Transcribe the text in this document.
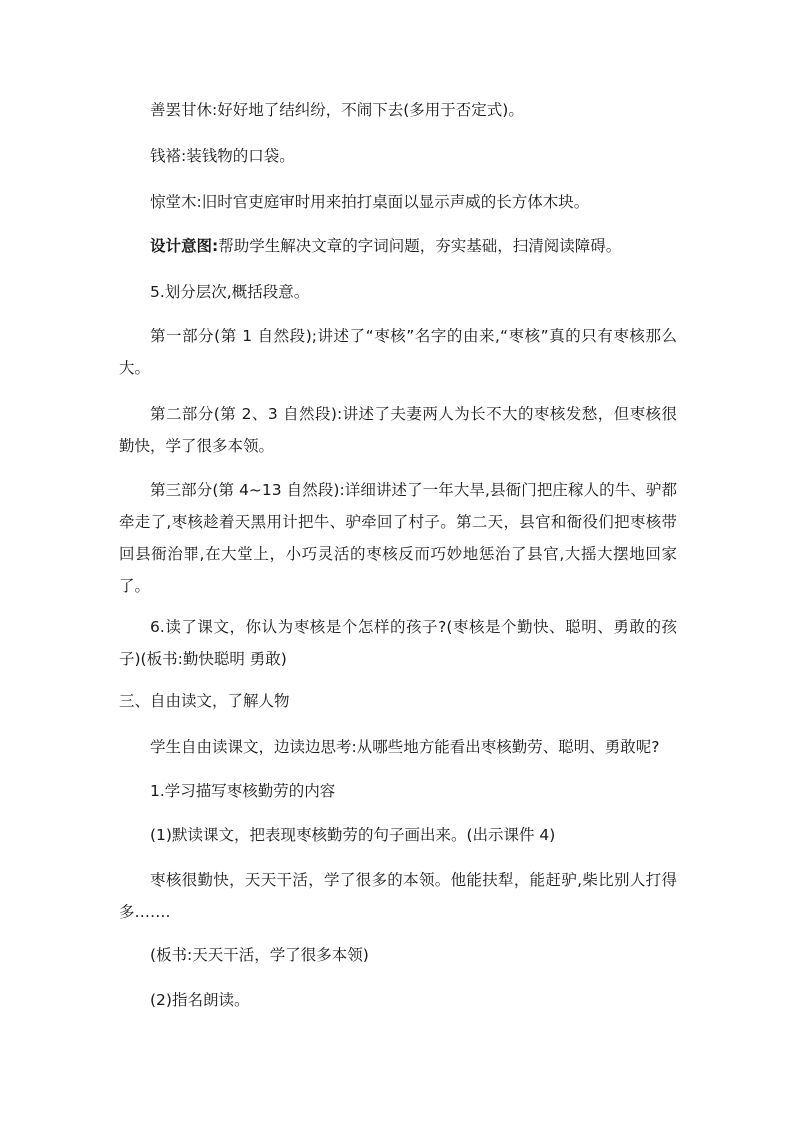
善罢甘休:好好地了结纠纷，不闹下去(多用于否定式)。

钱褡:装钱物的口袋。

惊堂木:旧时官吏庭审时用来拍打桌面以显示声威的长方体木块。

设计意图:帮助学生解决文章的字词问题，夯实基础，扫清阅读障碍。

5.划分层次,概括段意。

第一部分(第 1 自然段);讲述了“枣核”名字的由来,“枣核”真的只有枣核那么大。

第二部分(第 2、3 自然段):讲述了夫妻两人为长不大的枣核发愁，但枣核很勤快，学了很多本领。

第三部分(第 4~13 自然段):详细讲述了一年大旱,县衙门把庄稼人的牛、驴都牵走了,枣核趁着天黑用计把牛、驴牵回了村子。第二天，县官和衙役们把枣核带回县衙治罪,在大堂上，小巧灵活的枣核反而巧妙地惩治了县官,大摇大摆地回家了。

6.读了课文，你认为枣核是个怎样的孩子?(枣核是个勤快、聪明、勇敢的孩子)(板书:勤快聪明 勇敢)

三、自由读文，了解人物

学生自由读课文，边读边思考:从哪些地方能看出枣核勤劳、聪明、勇敢呢?

1.学习描写枣核勤劳的内容

(1)默读课文，把表现枣核勤劳的句子画出来。(出示课件 4)

枣核很勤快，天天干活，学了很多的本领。他能扶犁，能赶驴,柴比别人打得多…….

(板书:天天干活，学了很多本领)

(2)指名朗读。
